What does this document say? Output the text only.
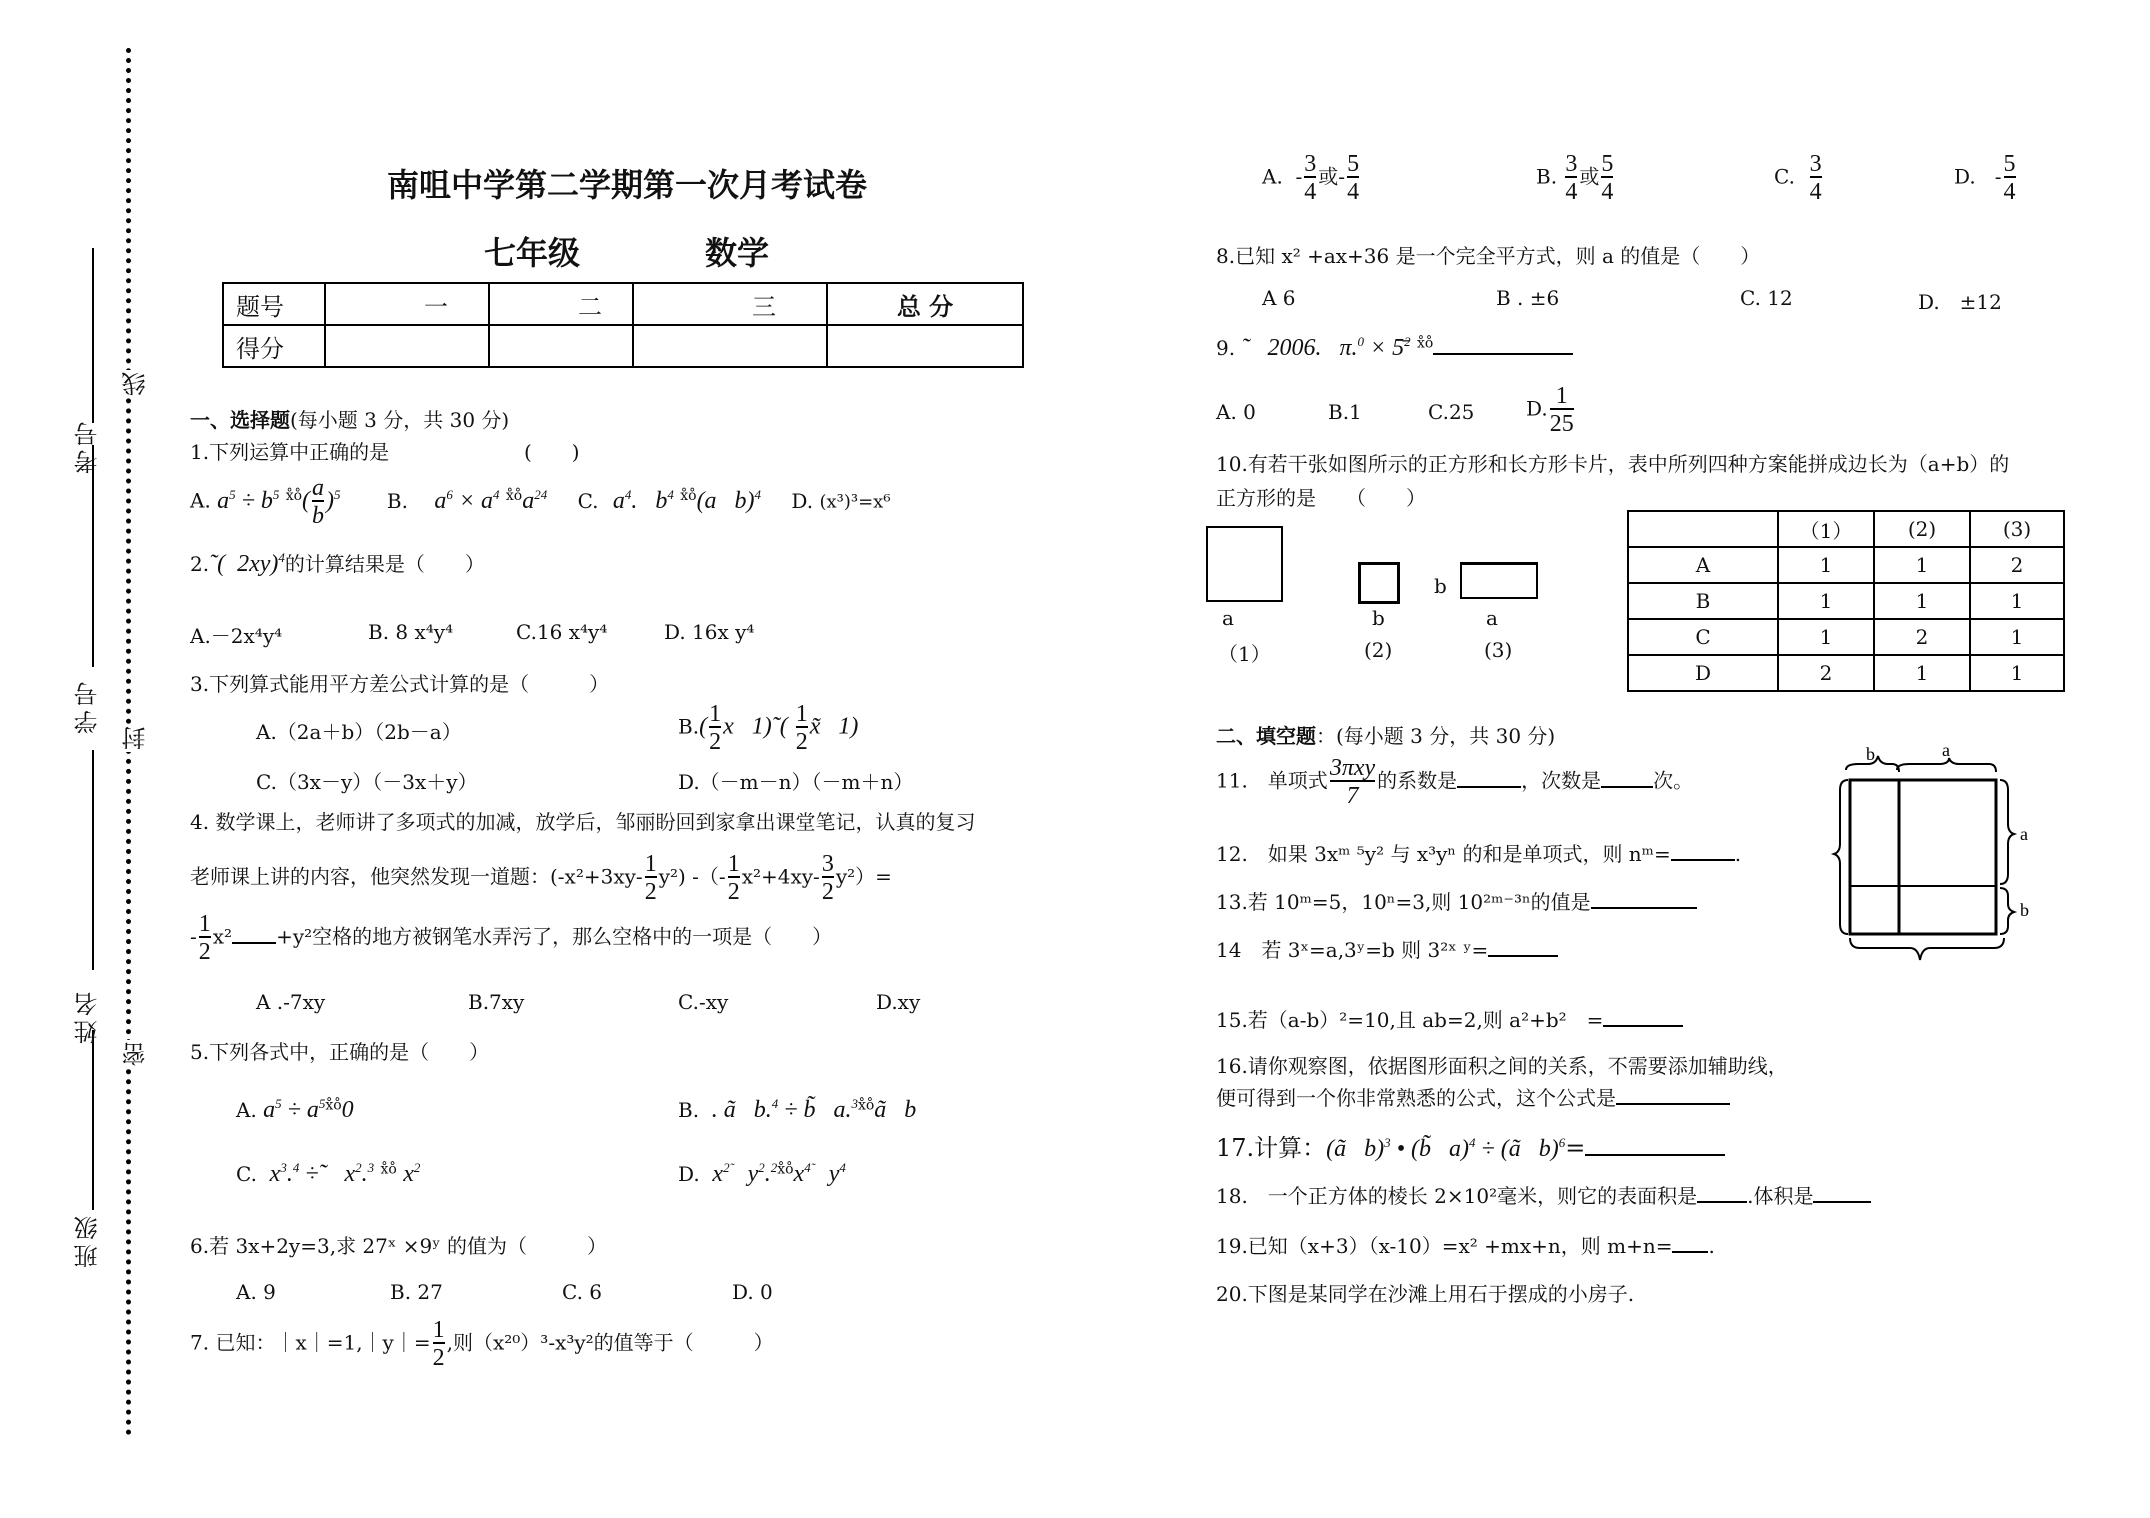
考号
学号
姓名
班级
线
封
密
南咀中学第二学期第一次月考试卷
七年级	数学
题号	一	二	三	总 分
得分				
一、选择题(每小题 3 分，共 30 分)
1.下列运算中正确的是	(　　)
A. $a^5 \div b^5$ $^{x̊o̊}( \frac{a}{b} )^5$ B. $a^6 \times a^4$ $^{x̊o̊}a^{24}$ C. $a^4$.   $b^4$ $^{x̊o̊}$(a   b)$^4$ D. (x³)³=x⁶
2.˜(  2xy)$^4$的计算结果是（　　）
A.－2x⁴y⁴	B. 8 x⁴y⁴	C.16 x⁴y⁴	D. 16x y⁴
3.下列算式能用平方差公式计算的是（　　　）
A.（2a＋b）（2b－a）	$B.( \frac{1}{2}$ x   1)˜( $\frac{1}{2}$ x̃   1)
C.（3x－y）（－3x＋y）	D.（－m－n）（－m＋n）
4. 数学课上，老师讲了多项式的加减，放学后，邹丽盼回到家拿出课堂笔记，认真的复习
老师课上讲的内容，他突然发现一道题：$(-x^2+3xy- \frac{1}{2} y^2)$ -（- $\frac{1}{2} x^2+4xy- \frac{3}{2} y^2)=$
- $\frac{1}{2} x^2 +y^2$空格的地方被钢笔水弄污了，那么空格中的一项是（　　）
A .-7xy	B.7xy	C.-xy	D.xy
5.下列各式中，正确的是（　　）
A. $a^5 \div a^{5x̊o̊}0$	B. . ã   b.$^4$ ÷ b̃   a.$^{3x̊o̊}$ã   b
C. $x^3.^4$ ÷˜   $x^2.^3$ $^{x̊o̊}$ $x^2$	D. $x^{2̃}$   $y^2.^{2x̊o̊}x^{4̃}$   $y^4$
6.若 3x+2y=3,求 27ˣ ×9ʸ 的值为（　　　）
A. 9	B. 27	C. 6	D. 0
7. 已知：｜x｜=1,｜y｜= $\frac{1}{2}$ ,则（x²⁰）³-x³y²的值等于（　　　）
A.  - $\frac{3}{4}$ 或- $\frac{5}{4}$	B. $\frac{3}{4}$ 或 $\frac{5}{4}$	C. $\frac{3}{4}$	D.   - $\frac{5}{4}$
8.已知 x² +ax+36 是一个完全平方式，则 a 的值是（　　）
A 6	B . ±6	C. 12	D.　±12
9. ˜   2006.   π.$^0$ × 5̄$^2$ $^{x̊o̊}$
A. 0	B.1	C.25	D. $\frac{1}{25}$
10.有若干张如图所示的正方形和长方形卡片，表中所列四种方案能拼成边长为（a+b）的
正方形的是　　（　　）
a
（1）
b
(2)
b
a
(3)
	（1）	(2)	(3)
A	1	1	2
B	1	1	1
C	1	2	1
D	2	1	1
二、填空题：(每小题 3 分，共 30 分)
11.　单项式 $\frac{\text{3πxy}}{7}$ 的系数是	，次数是	次。
12.　如果 3xᵐ ⁵y² 与 x³yⁿ 的和是单项式，则 nᵐ=	.
13.若 10ᵐ=5，10ⁿ=3,则 10²ᵐ⁻³ⁿ的值是
14　若 3ˣ=a,3ʸ=b 则 3²ˣ ʸ=
15.若（a-b）²=10,且 ab=2,则 a²+b²　=
16.请你观察图，依据图形面积之间的关系，不需要添加辅助线，
便可得到一个你非常熟悉的公式，这个公式是
17.计算：(ã   b)$^3$ • (b̃   a)$^4$ ÷ (ã   b)$^6$=
18.　一个正方体的棱长 2×10²毫米，则它的表面积是	.体积是
19.已知（x+3）（x-10）=x² +mx+n，则 m+n= .
20.下图是某同学在沙滩上用石于摆成的小房子.
b	a
a
b
